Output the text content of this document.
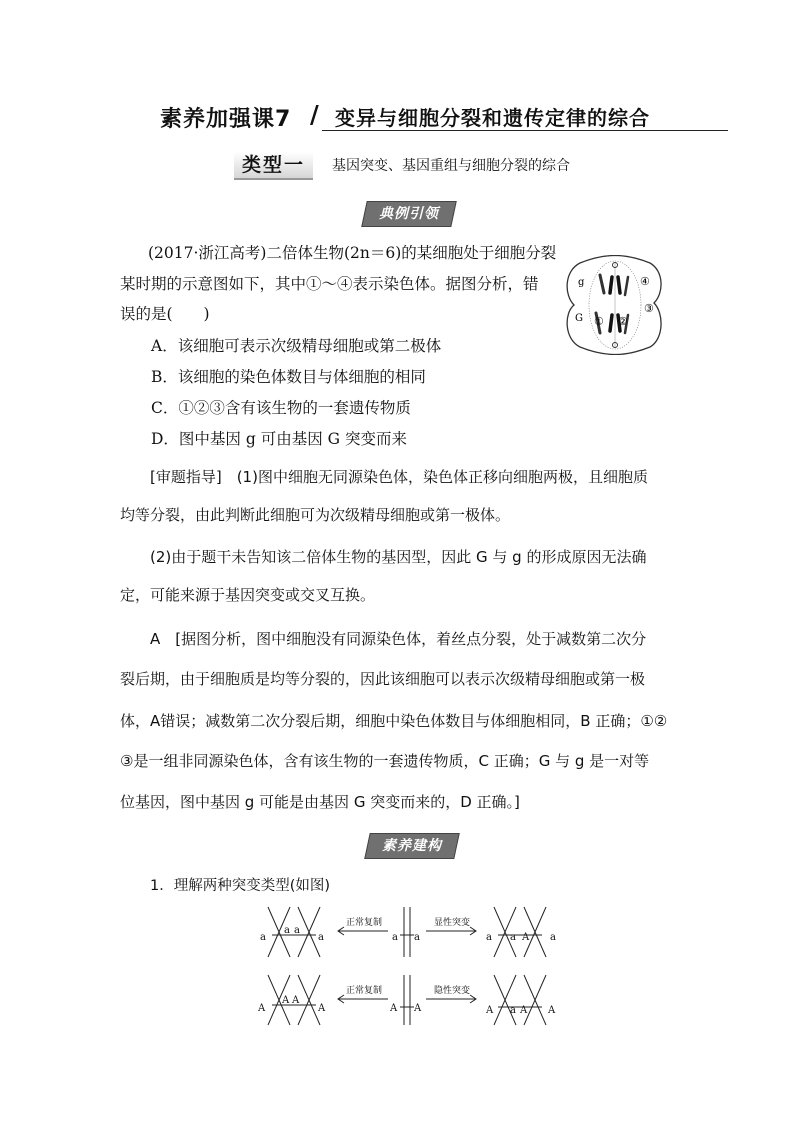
素养加强课7 / 变异与细胞分裂和遗传定律的综合
类型一	基因突变、基因重组与细胞分裂的综合
典例引领
(2017·浙江高考)二倍体生物(2n＝6)的某细胞处于细胞分裂
某时期的示意图如下，其中①～④表示染色体。据图分析，错
误的是(　　)
A．该细胞可表示次级精母细胞或第二极体
B．该细胞的染色体数目与体细胞的相同
C．①②③含有该生物的一套遗传物质
D．图中基因 g 可由基因 G 突变而来
g
G ① ②
③
④
[审题指导]　(1)图中细胞无同源染色体，染色体正移向细胞两极，且细胞质
均等分裂，由此判断此细胞可为次级精母细胞或第一极体。
(2)由于题干未告知该二倍体生物的基因型，因此 G 与 g 的形成原因无法确
定，可能来源于基因突变或交叉互换。
A　[据图分析，图中细胞没有同源染色体，着丝点分裂，处于减数第二次分
裂后期，由于细胞质是均等分裂的，因此该细胞可以表示次级精母细胞或第一极
体，A错误；减数第二次分裂后期，细胞中染色体数目与体细胞相同，B 正确；①②
③是一组非同源染色体，含有该生物的一套遗传物质，C 正确；G 与 g 是一对等
位基因，图中基因 g 可能是由基因 G 突变而来的，D 正确。]
素养建构
1．理解两种突变类型(如图)
a
a a
a	a a	a a A a
A
A A
A	A A	A a A A
正常复制	显性突变
正常复制	隐性突变
